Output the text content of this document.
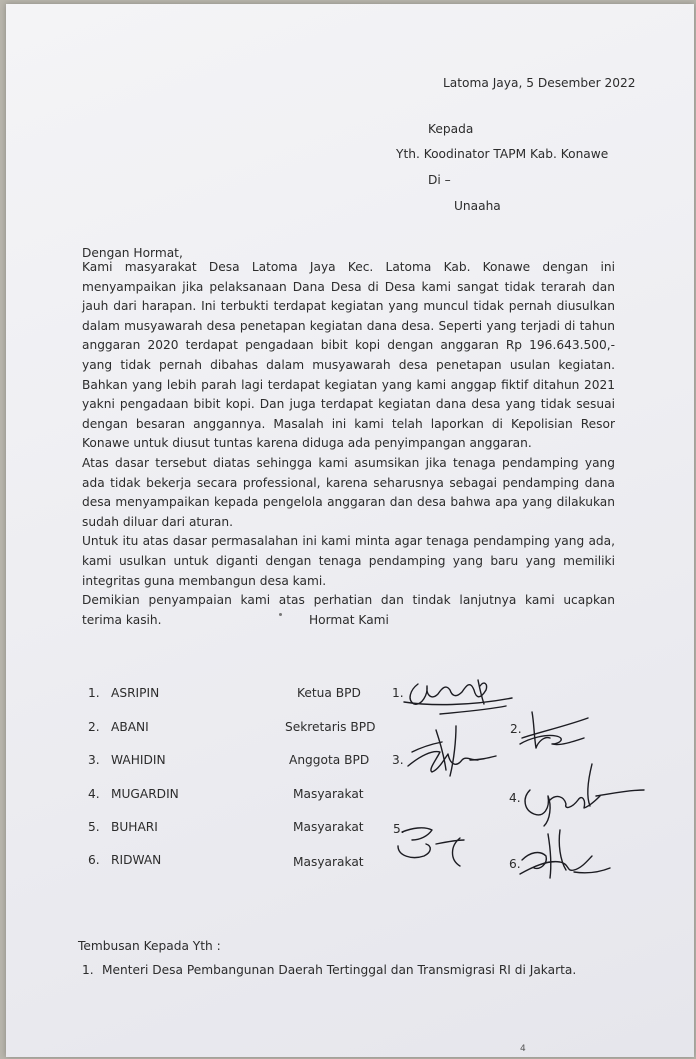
Latoma Jaya, 5 Desember 2022
Kepada
Yth. Koodinator TAPM Kab. Konawe
Di –
Unaaha
Dengan Hormat,

Kami masyarakat Desa Latoma Jaya Kec. Latoma Kab. Konawe dengan ini menyampaikan jika pelaksanaan Dana Desa di Desa kami sangat tidak terarah dan jauh dari harapan. Ini terbukti terdapat kegiatan yang muncul tidak pernah diusulkan dalam musyawarah desa penetapan kegiatan dana desa. Seperti yang terjadi di tahun anggaran 2020 terdapat pengadaan bibit kopi dengan anggaran Rp 196.643.500,- yang tidak pernah dibahas dalam musyawarah desa penetapan usulan kegiatan. Bahkan yang lebih parah lagi terdapat kegiatan yang kami anggap fiktif ditahun 2021 yakni pengadaan bibit kopi. Dan juga terdapat kegiatan dana desa yang tidak sesuai dengan besaran anggannya. Masalah ini kami telah laporkan di Kepolisian Resor Konawe untuk diusut tuntas karena diduga ada penyimpangan anggaran.

Atas dasar tersebut diatas sehingga kami asumsikan jika tenaga pendamping yang ada tidak bekerja secara professional, karena seharusnya sebagai pendamping dana desa menyampaikan kepada pengelola anggaran dan desa bahwa apa yang dilakukan sudah diluar dari aturan.

Untuk itu atas dasar permasalahan ini kami minta agar tenaga pendamping yang ada, kami usulkan untuk diganti dengan tenaga pendamping yang baru yang memiliki integritas guna membangun desa kami.

Demikian penyampaian kami atas perhatian dan tindak lanjutnya kami ucapkan terima kasih.	Hormat Kami
1. ASRIPIN	Ketua BPD	1.
2. ABANI	Sekretaris BPD	2.
3. WAHIDIN	Anggota BPD 3.
4. MUGARDIN	Masyarakat	4.
5. BUHARI	Masyarakat 5.
6. RIDWAN	Masyarakat	6.
Tembusan Kepada Yth :
1. Menteri Desa Pembangunan Daerah Tertinggal dan Transmigrasi RI di Jakarta.
4
